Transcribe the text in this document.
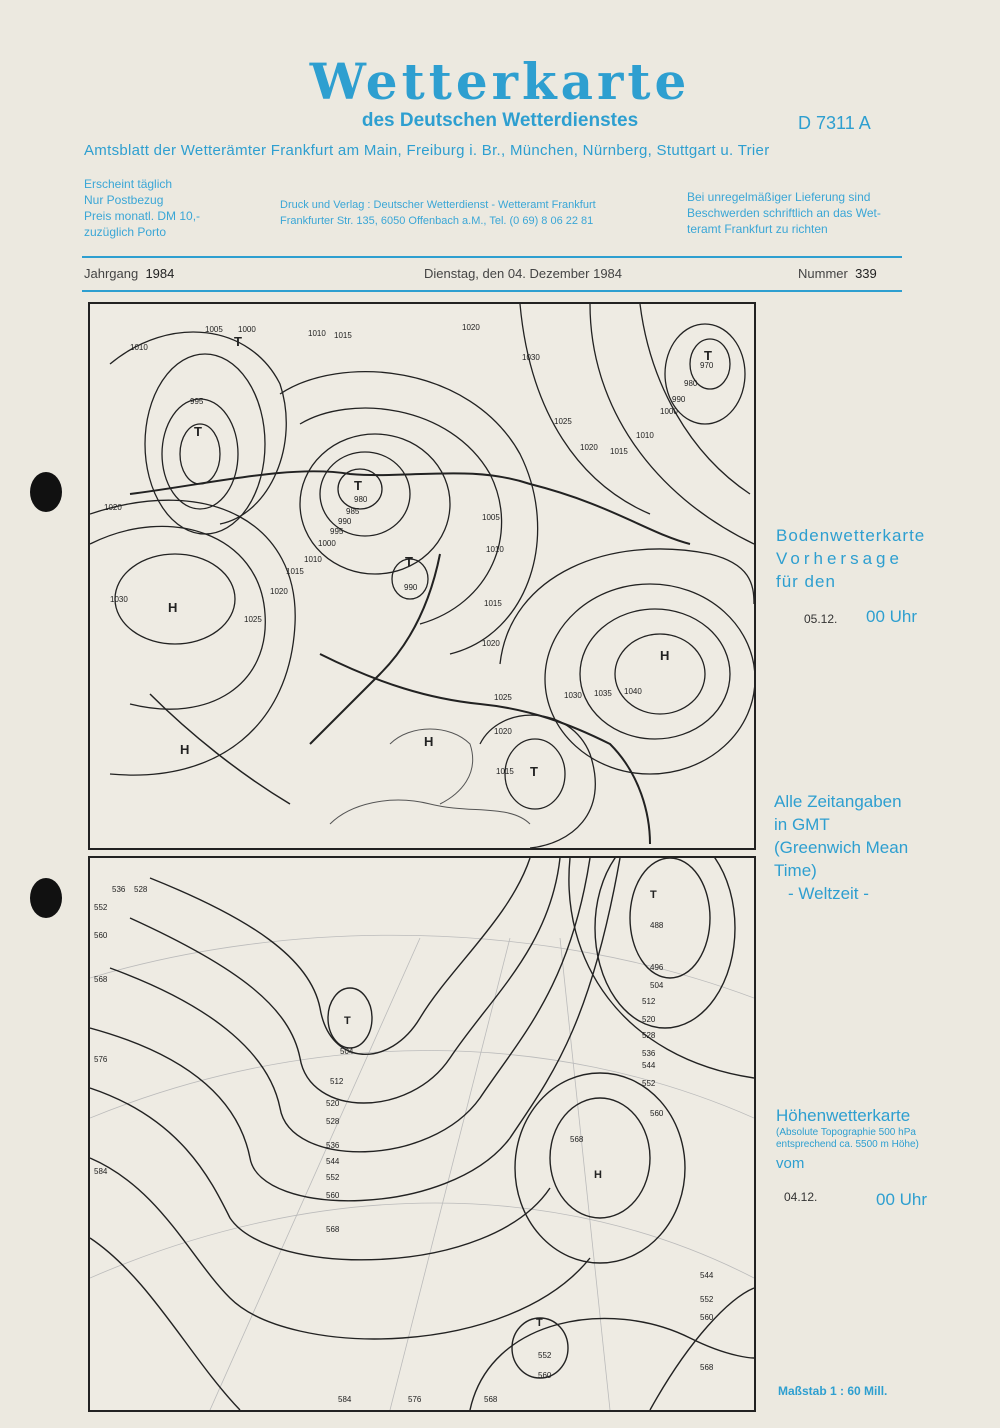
Wetterkarte
des Deutschen Wetterdienstes	D 7311 A
Amtsblatt der Wetterämter Frankfurt am Main, Freiburg i. Br., München, Nürnberg, Stuttgart u. Trier
Erscheint täglich
Nur Postbezug
Preis monatl. DM 10,-
zuzüglich Porto
Druck und Verlag : Deutscher Wetterdienst - Wetteramt Frankfurt
Frankfurter Str. 135, 6050 Offenbach a.M., Tel. (0 69) 8 06 22 81
Bei unregelmäßiger Lieferung sind
Beschwerden schriftlich an das Wet-
teramt Frankfurt zu richten
Jahrgang 1984	Dienstag, den 04. Dezember 1984	Nummer 339
1005 1000	1010 1015
1010
995
1020
1030
1025
1020
1015
1010
985
990
980
995
1000
1005
1010
1015
1020
1025	1030 1035 1040
1020
1015
990
1025
1030
1020
1015
1010
1000
990
980
970
1020
T
T
T
T
H
H
H
H
T
T
536 528
552
560
568
576
584
504
512
520
528
536
544
552
560
568
488
496
504
512
520
528
536
544
552
560
568
544
552
560
568
584	576	568
552
560
T
T
T
H
Bodenwetterkarte
Vorhersage
für den
05.12. 00 Uhr
Alle Zeitangaben
in GMT
(Greenwich Mean
Time)
- Weltzeit -
Höhenwetterkarte
(Absolute Topographie 500 hPa
entsprechend ca. 5500 m Höhe)
vom
04.12.	00 Uhr
Maßstab 1 : 60 Mill.
